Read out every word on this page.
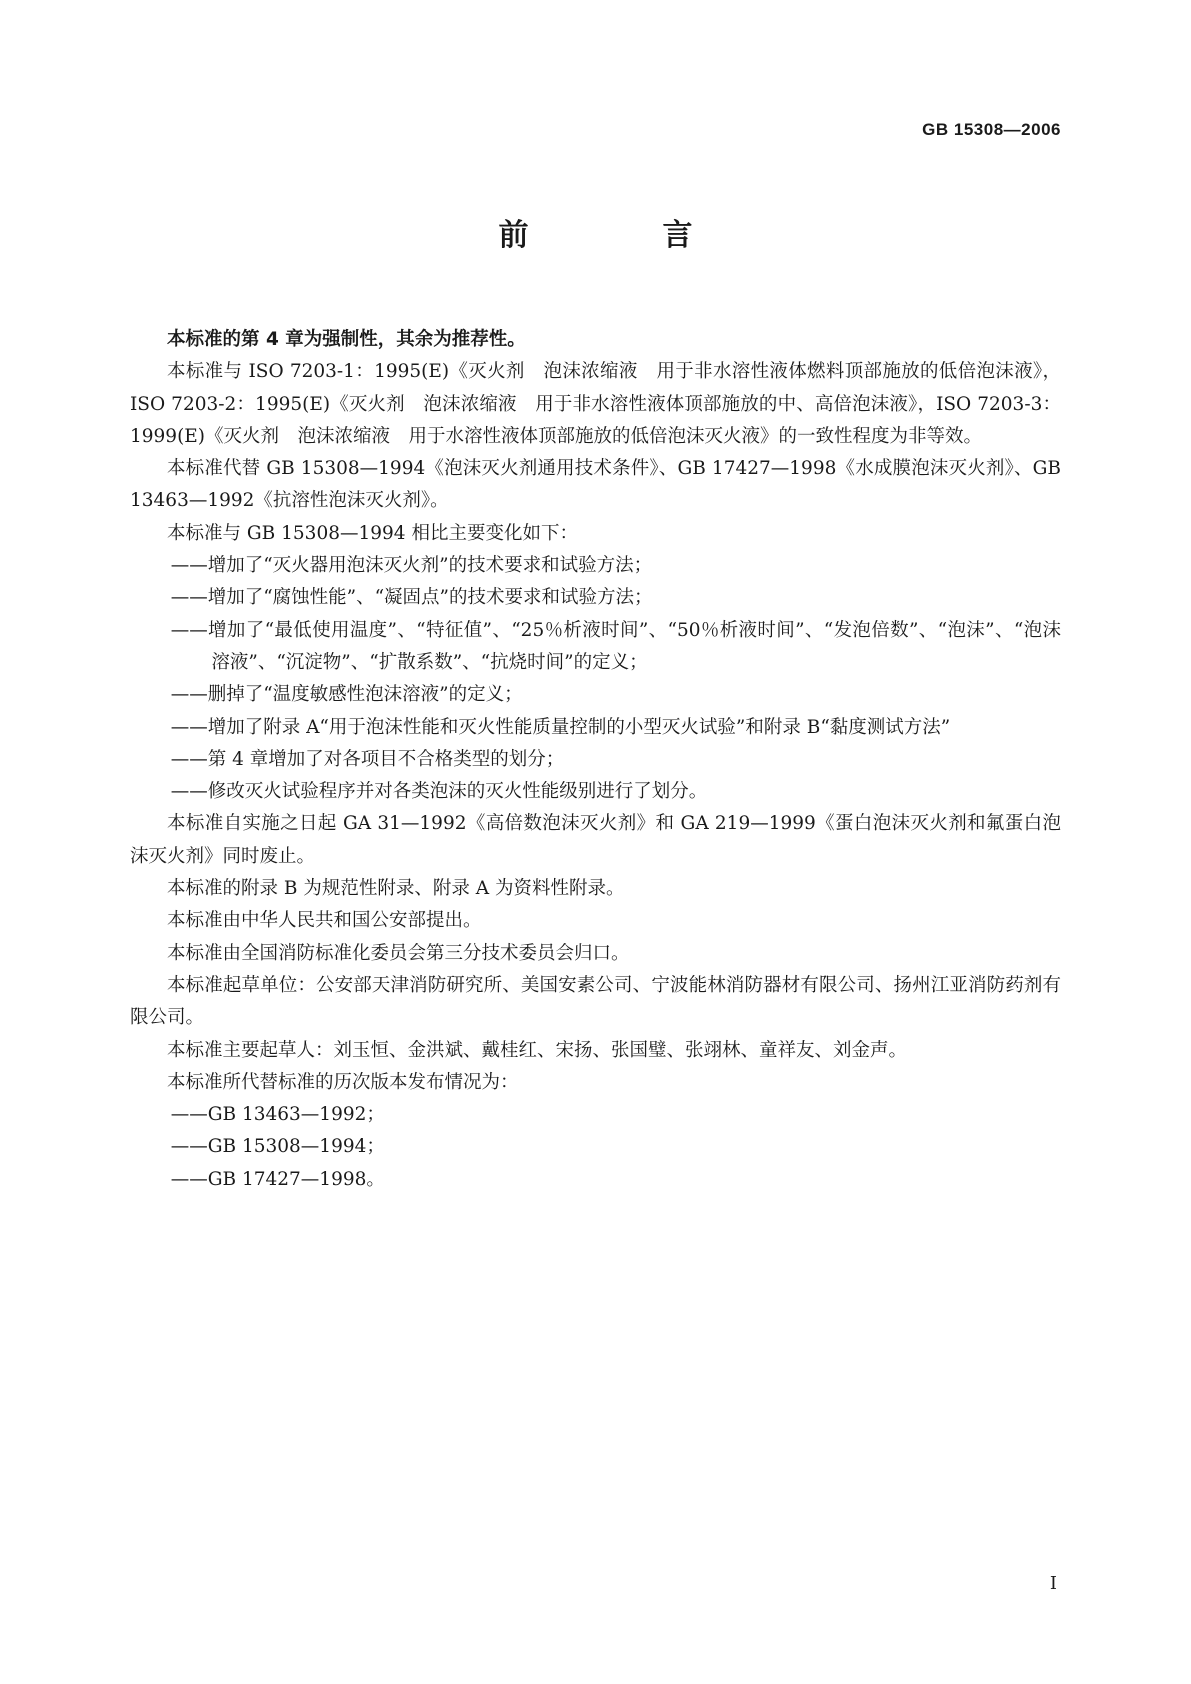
GB 15308—2006
前　言

本标准的第 4 章为强制性，其余为推荐性。

本标准与 ISO 7203-1：1995(E)《灭火剂　泡沫浓缩液　用于非水溶性液体燃料顶部施放的低倍泡沫液》，ISO 7203-2：1995(E)《灭火剂　泡沫浓缩液　用于非水溶性液体顶部施放的中、高倍泡沫液》，ISO 7203-3：1999(E)《灭火剂　泡沫浓缩液　用于水溶性液体顶部施放的低倍泡沫灭火液》的一致性程度为非等效。

本标准代替 GB 15308—1994《泡沫灭火剂通用技术条件》、GB 17427—1998《水成膜泡沫灭火剂》、GB 13463—1992《抗溶性泡沫灭火剂》。

本标准与 GB 15308—1994 相比主要变化如下：

——增加了“灭火器用泡沫灭火剂”的技术要求和试验方法；

——增加了“腐蚀性能”、“凝固点”的技术要求和试验方法；

——增加了“最低使用温度”、“特征值”、“25％析液时间”、“50％析液时间”、“发泡倍数”、“泡沫”、“泡沫溶液”、“沉淀物”、“扩散系数”、“抗烧时间”的定义；

——删掉了“温度敏感性泡沫溶液”的定义；

——增加了附录 A“用于泡沫性能和灭火性能质量控制的小型灭火试验”和附录 B“黏度测试方法”

——第 4 章增加了对各项目不合格类型的划分；

——修改灭火试验程序并对各类泡沫的灭火性能级别进行了划分。

本标准自实施之日起 GA 31—1992《高倍数泡沫灭火剂》和 GA 219—1999《蛋白泡沫灭火剂和氟蛋白泡沫灭火剂》同时废止。

本标准的附录 B 为规范性附录、附录 A 为资料性附录。

本标准由中华人民共和国公安部提出。

本标准由全国消防标准化委员会第三分技术委员会归口。

本标准起草单位：公安部天津消防研究所、美国安素公司、宁波能林消防器材有限公司、扬州江亚消防药剂有限公司。

本标准主要起草人：刘玉恒、金洪斌、戴桂红、宋扬、张国璧、张翊林、童祥友、刘金声。

本标准所代替标准的历次版本发布情况为：

——GB 13463—1992；

——GB 15308—1994；

——GB 17427—1998。

I
